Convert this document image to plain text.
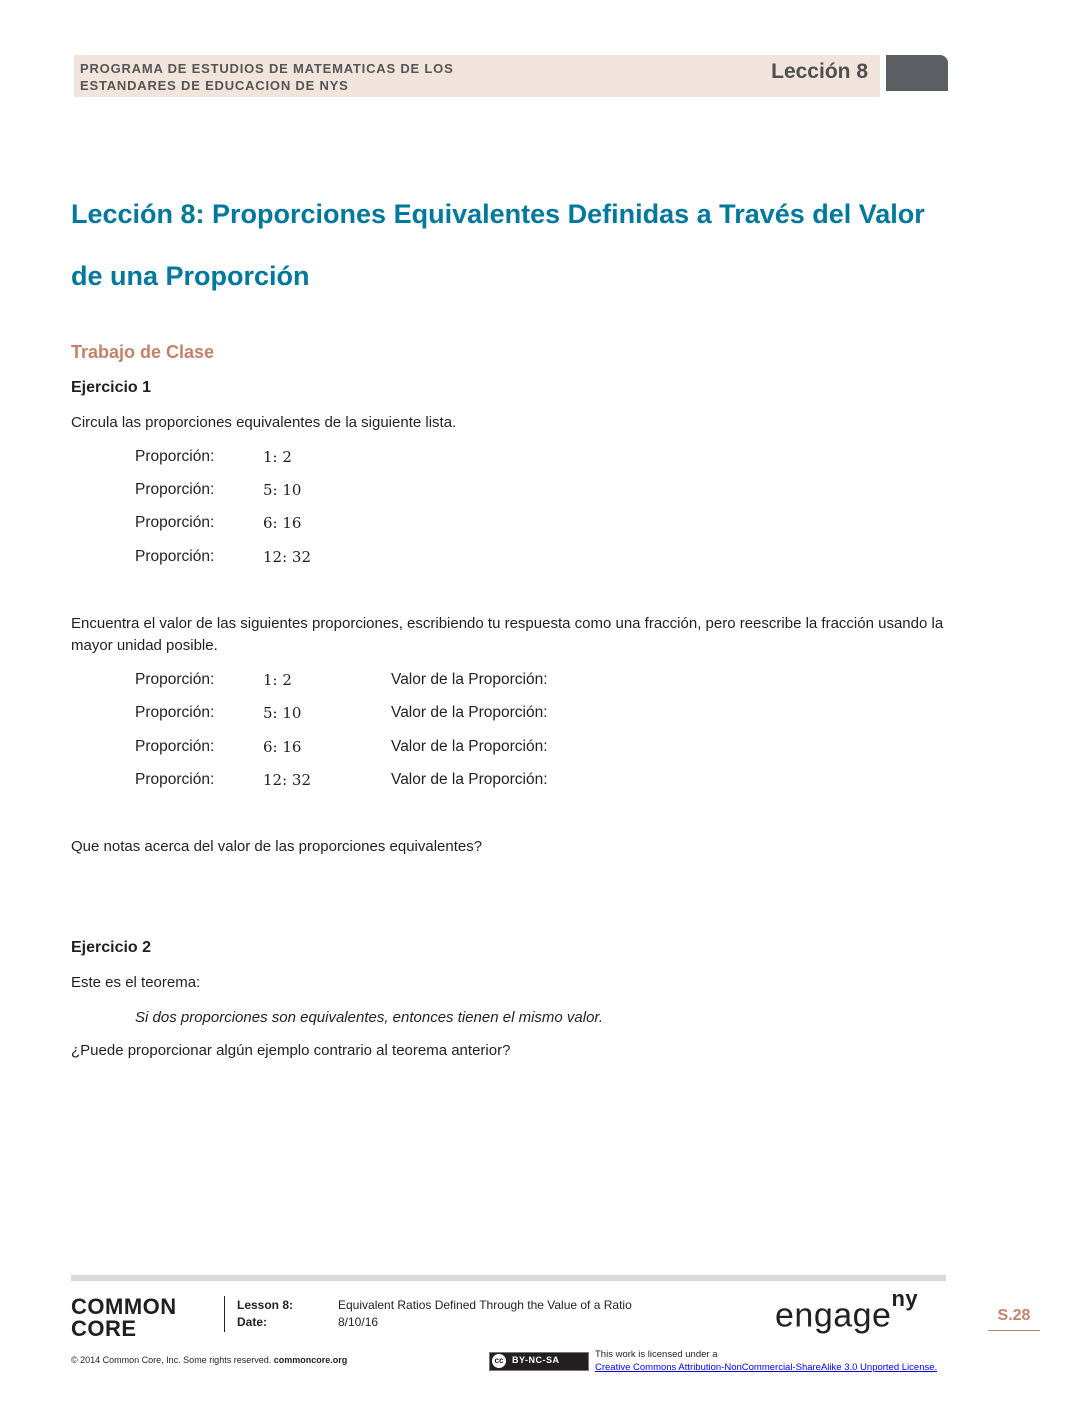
PROGRAMA DE ESTUDIOS DE MATEMATICAS DE LOS
ESTANDARES DE EDUCACION DE NYS
Lección 8
Lección 8: Proporciones Equivalentes Definidas a Través del Valor
de una Proporción
Trabajo de Clase
Ejercicio 1
Circula las proporciones equivalentes de la siguiente lista.
Proporción:	1: 2
Proporción:	5: 10
Proporción:	6: 16
Proporción:	12: 32
Encuentra el valor de las siguientes proporciones, escribiendo tu respuesta como una fracción, pero reescribe la fracción usando la mayor unidad posible.
Proporción:	1: 2	Valor de la Proporción:
Proporción:	5: 10	Valor de la Proporción:
Proporción:	6: 16	Valor de la Proporción:
Proporción:	12: 32	Valor de la Proporción:
Que notas acerca del valor de las proporciones equivalentes?
Ejercicio 2
Este es el teorema:
Si dos proporciones son equivalentes, entonces tienen el mismo valor.
¿Puede proporcionar algún ejemplo contrario al teorema anterior?
COMMON
CORE
Lesson 8:	Equivalent Ratios Defined Through the Value of a Ratio
Date:	8/10/16	engage$^{ny}$
S.28
© 2014 Common Core, Inc. Some rights reserved. commoncore.org	cc BY-NC-SA	This work is licensed under a
Creative Commons Attribution-NonCommercial-ShareAlike 3.0 Unported License.
